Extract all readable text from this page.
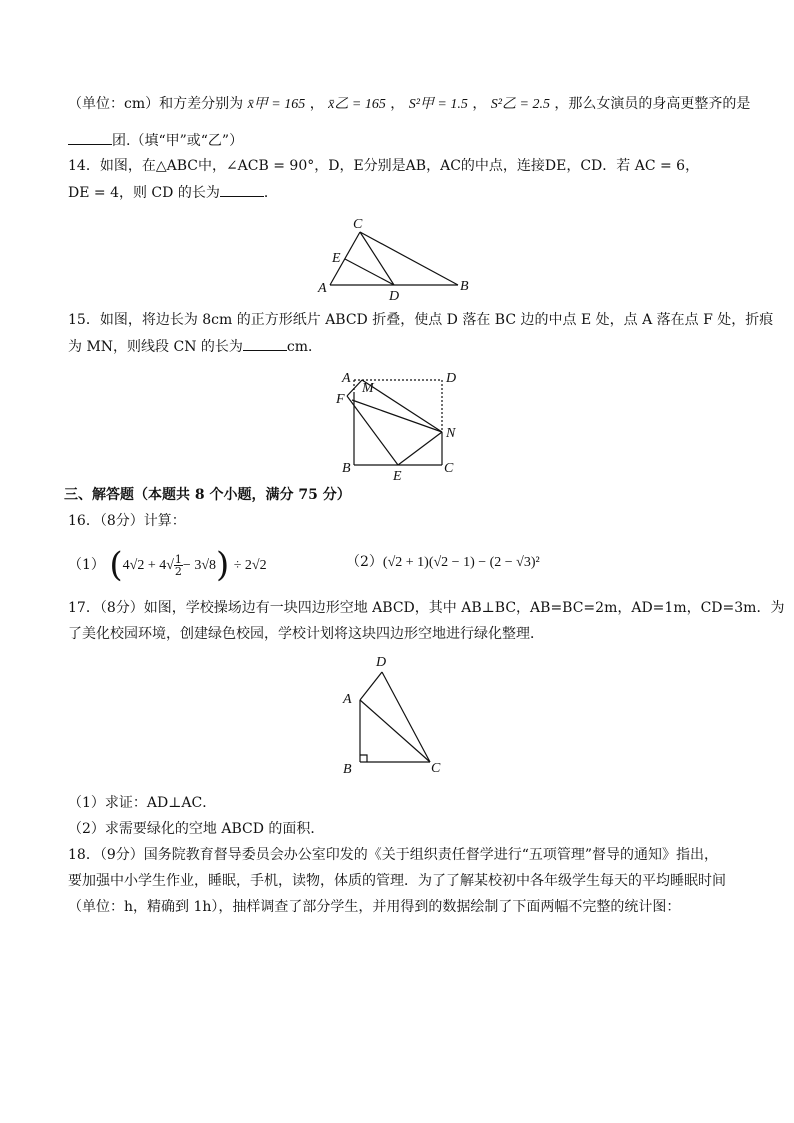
（单位：cm）和方差分别为 x̄甲 = 165 ， x̄乙 = 165 ， S²甲 = 1.5 ， S²乙 = 2.5 ，那么女演员的身高更整齐的是
团.（填“甲”或“乙”）
14．如图，在△ABC中，∠ACB = 90°，D，E分别是AB，AC的中点，连接DE，CD．若 AC = 6，
DE = 4，则 CD 的长为	．
C
E
A
D
B
A
M
D
F
N
B
E
C
D
A
B	C
15．如图，将边长为 8cm 的正方形纸片 ABCD 折叠，使点 D 落在 BC 边的中点 E 处，点 A 落在点 F 处，折痕
为 MN，则线段 CN 的长为	cm．
三、解答题（本题共 8 个小题，满分 75 分）
16．（8分）计算：
（1） $(4√2 + 4√ \frac{1}{2} - 3√8) \div 2√2$	（2）(√2 + 1)(√2 − 1) − (2 − √3)²
17．（8分）如图，学校操场边有一块四边形空地 ABCD，其中 AB⊥BC，AB=BC=2m，AD=1m，CD=3m．为
了美化校园环境，创建绿色校园，学校计划将这块四边形空地进行绿化整理．
（1）求证：AD⊥AC．
（2）求需要绿化的空地 ABCD 的面积．
18．（9分）国务院教育督导委员会办公室印发的《关于组织责任督学进行“五项管理”督导的通知》指出，
要加强中小学生作业，睡眠，手机，读物，体质的管理．为了了解某校初中各年级学生每天的平均睡眠时间
（单位：h，精确到 1h），抽样调查了部分学生，并用得到的数据绘制了下面两幅不完整的统计图：
